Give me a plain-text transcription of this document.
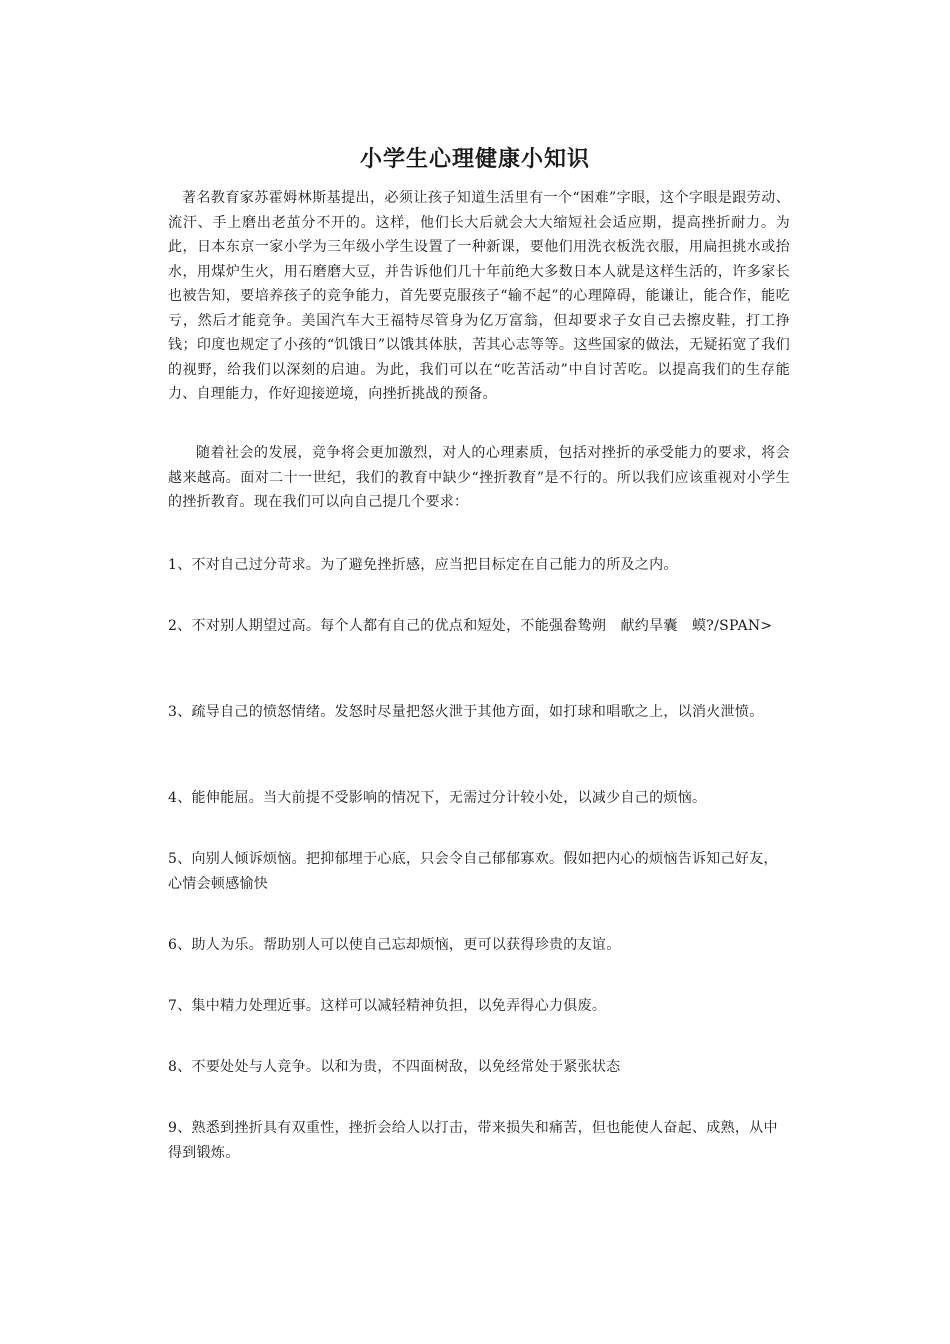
小学生心理健康小知识

著名教育家苏霍姆林斯基提出，必须让孩子知道生活里有一个“困难”字眼，这个字眼是跟劳动、流汗、手上磨出老茧分不开的。这样，他们长大后就会大大缩短社会适应期，提高挫折耐力。为此，日本东京一家小学为三年级小学生设置了一种新课，要他们用洗衣板洗衣服，用扁担挑水或抬水，用煤炉生火，用石磨磨大豆，并告诉他们几十年前绝大多数日本人就是这样生活的，许多家长也被告知，要培养孩子的竞争能力，首先要克服孩子“输不起”的心理障碍，能谦让，能合作，能吃亏，然后才能竞争。美国汽车大王福特尽管身为亿万富翁，但却要求子女自己去擦皮鞋，打工挣钱；印度也规定了小孩的“饥饿日”以饿其体肤，苦其心志等等。这些国家的做法，无疑拓宽了我们的视野，给我们以深刻的启迪。为此，我们可以在“吃苦活动”中自讨苦吃。以提高我们的生存能力、自理能力，作好迎接逆境，向挫折挑战的预备。

随着社会的发展，竞争将会更加激烈，对人的心理素质，包括对挫折的承受能力的要求，将会越来越高。面对二十一世纪，我们的教育中缺少“挫折教育”是不行的。所以我们应该重视对小学生的挫折教育。现在我们可以向自己提几个要求：

1、不对自己过分苛求。为了避免挫折感，应当把目标定在自己能力的所及之内。

2、不对别人期望过高。每个人都有自己的优点和短处，不能强畚鸷朔　献约旱囊　蟆?/SPAN>

3、疏导自己的愤怒情绪。发怒时尽量把怒火泄于其他方面，如打球和唱歌之上，以消火泄愤。

4、能伸能屈。当大前提不受影响的情况下，无需过分计较小处，以减少自己的烦恼。

5、向别人倾诉烦恼。把抑郁埋于心底，只会令自己郁郁寡欢。假如把内心的烦恼告诉知己好友，心情会顿感愉快

6、助人为乐。帮助别人可以使自己忘却烦恼，更可以获得珍贵的友谊。

7、集中精力处理近事。这样可以减轻精神负担，以免弄得心力俱废。

8、不要处处与人竞争。以和为贵，不四面树敌，以免经常处于紧张状态

9、熟悉到挫折具有双重性，挫折会给人以打击，带来损失和痛苦，但也能使人奋起、成熟，从中得到锻炼。
